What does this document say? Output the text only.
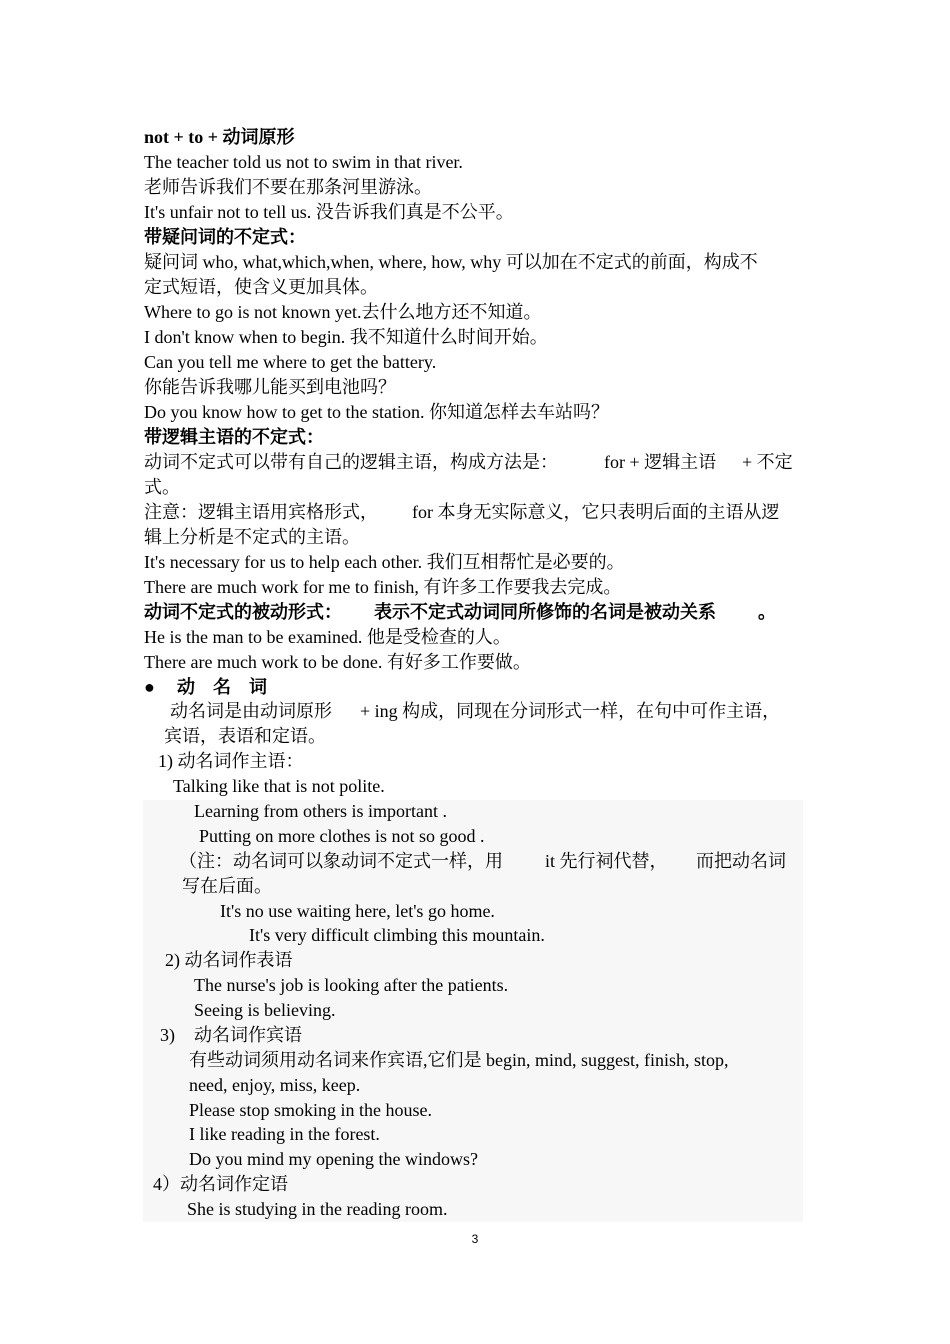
not + to + 动词原形
The teacher told us not to swim in that river.
老师告诉我们不要在那条河里游泳。
It's unfair not to tell us. 没告诉我们真是不公平。
带疑问词的不定式：
疑问词 who, what,which,when, where, how, why 可以加在不定式的前面，构成不
定式短语，使含义更加具体。
Where to go is not known yet.去什么地方还不知道。
I don't know when to begin. 我不知道什么时间开始。
Can you tell me where to get the battery.
你能告诉我哪儿能买到电池吗？
Do you know how to get to the station. 你知道怎样去车站吗？
带逻辑主语的不定式：
动词不定式可以带有自己的逻辑主语，构成方法是：	for + 逻辑主语 + 不定
式。
注意：逻辑主语用宾格形式， for 本身无实际意义，它只表明后面的主语从逻
辑上分析是不定式的主语。
It's necessary for us to help each other. 我们互相帮忙是必要的。
There are much work for me to finish, 有许多工作要我去完成。
动词不定式的被动形式： 表示不定式动词同所修饰的名词是被动关系 。
He is the man to be examined. 他是受检查的人。
There are much work to be done. 有好多工作要做。
● 动　名　词
动名词是由动词原形 + ing 构成，同现在分词形式一样，在句中可作主语，
宾语，表语和定语。
1) 动名词作主语：
Talking like that is not polite.
Learning from others is important .
Putting on more clothes is not so good .
（注：动名词可以象动词不定式一样，用 it 先行祠代替， 而把动名词
写在后面。
It's no use waiting here, let's go home.
It's very difficult climbing this mountain.
2) 动名词作表语
The nurse's job is looking after the patients.
Seeing is believing.
3) 动名词作宾语
有些动词须用动名词来作宾语,它们是 begin, mind, suggest, finish, stop,
need, enjoy, miss, keep.
Please stop smoking in the house.
I like reading in the forest.
Do you mind my opening the windows?
4）动名词作定语
She is studying in the reading room.
3
